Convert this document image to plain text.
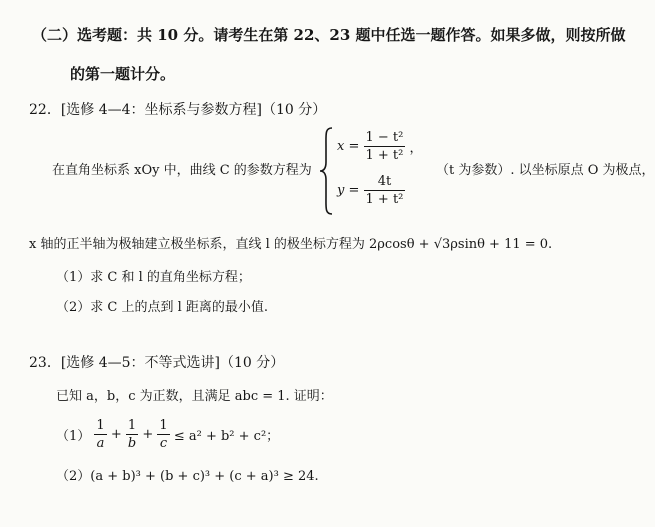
（二）选考题：共 10 分。请考生在第 22、23 题中任选一题作答。如果多做，则按所做
的第一题计分。
22．[选修 4—4：坐标系与参数方程]（10 分）
在直角坐标系 xOy 中，曲线 C 的参数方程为
$x = \frac{\text{1 − t²}}{\text{1 + t²}}$ ，
（t 为参数）. 以坐标原点 O 为极点，
$y = \frac{4t}{\text{1 + t²}}$
x 轴的正半轴为极轴建立极坐标系，直线 l 的极坐标方程为 2ρcosθ + √3ρsinθ + 11 = 0.
（1）求 C 和 l 的直角坐标方程；
（2）求 C 上的点到 l 距离的最小值.
23．[选修 4—5：不等式选讲]（10 分）
已知 a，b，c 为正数，且满足 abc = 1. 证明：
$(1) \frac{1}{a} + \frac{1}{b} + \frac{1}{c} \le a^2 + b^2 + c^2$；
（2）(a + b)³ + (b + c)³ + (c + a)³ ≥ 24.
